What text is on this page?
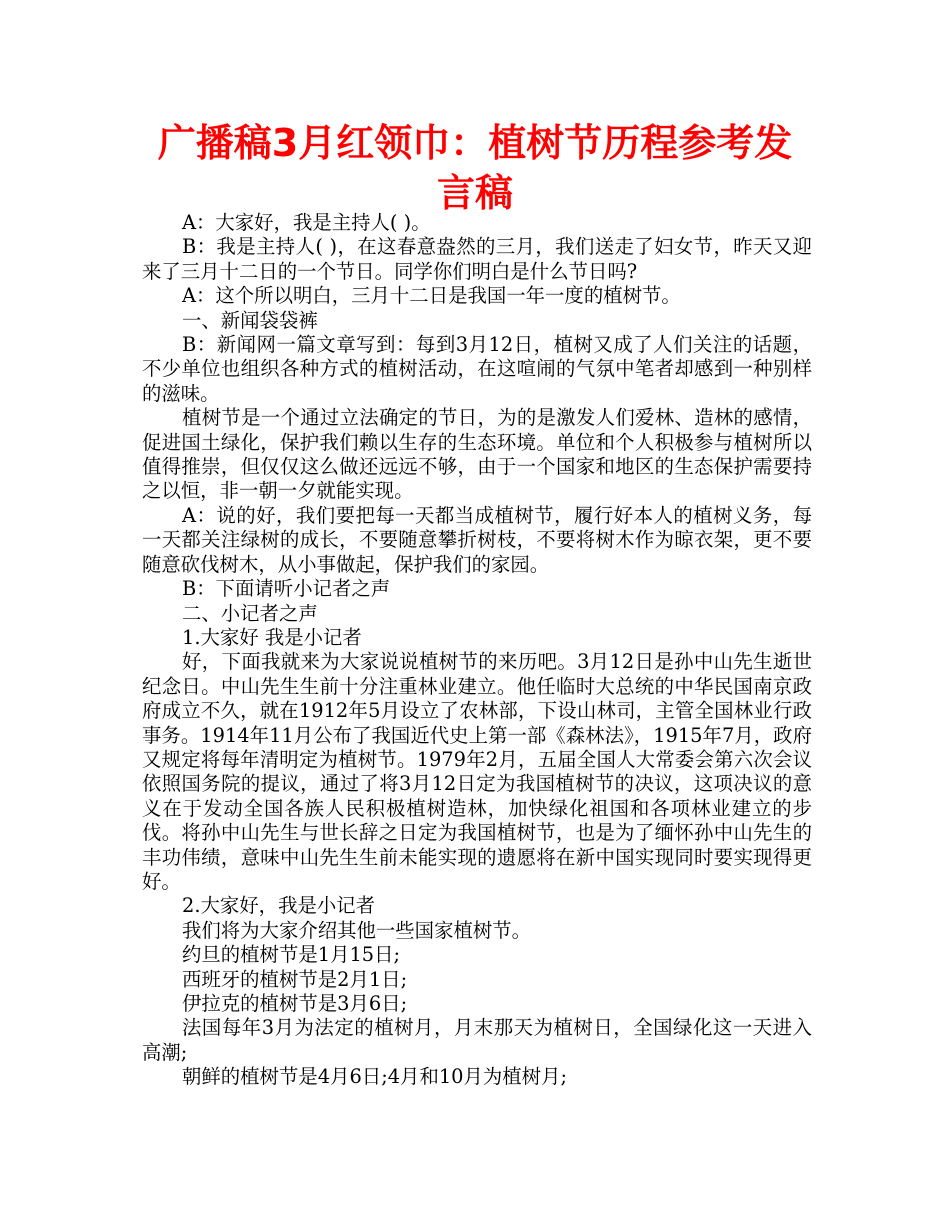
广播稿3月红领巾：植树节历程参考发言稿

A：大家好，我是主持人( )。

B：我是主持人( )，在这春意盎然的三月，我们送走了妇女节，昨天又迎来了三月十二日的一个节日。同学你们明白是什么节日吗?

A：这个所以明白，三月十二日是我国一年一度的植树节。

一、新闻袋袋裤

B：新闻网一篇文章写到：每到3月12日，植树又成了人们关注的话题，不少单位也组织各种方式的植树活动，在这喧闹的气氛中笔者却感到一种别样的滋味。

植树节是一个通过立法确定的节日，为的是激发人们爱林、造林的感情，促进国土绿化，保护我们赖以生存的生态环境。单位和个人积极参与植树所以值得推崇，但仅仅这么做还远远不够，由于一个国家和地区的生态保护需要持之以恒，非一朝一夕就能实现。

A：说的好，我们要把每一天都当成植树节，履行好本人的植树义务，每一天都关注绿树的成长，不要随意攀折树枝，不要将树木作为晾衣架，更不要随意砍伐树木，从小事做起，保护我们的家园。

B：下面请听小记者之声

二、小记者之声

1.大家好 我是小记者

好，下面我就来为大家说说植树节的来历吧。3月12日是孙中山先生逝世纪念日。中山先生生前十分注重林业建立。他任临时大总统的中华民国南京政府成立不久，就在1912年5月设立了农林部，下设山林司，主管全国林业行政事务。1914年11月公布了我国近代史上第一部《森林法》，1915年7月，政府又规定将每年清明定为植树节。1979年2月，五届全国人大常委会第六次会议依照国务院的提议，通过了将3月12日定为我国植树节的决议，这项决议的意义在于发动全国各族人民积极植树造林，加快绿化祖国和各项林业建立的步伐。将孙中山先生与世长辞之日定为我国植树节，也是为了缅怀孙中山先生的丰功伟绩，意味中山先生生前未能实现的遗愿将在新中国实现同时要实现得更好。

2.大家好，我是小记者

我们将为大家介绍其他一些国家植树节。

约旦的植树节是1月15日;

西班牙的植树节是2月1日;

伊拉克的植树节是3月6日;

法国每年3月为法定的植树月，月末那天为植树日，全国绿化这一天进入高潮;

朝鲜的植树节是4月6日;4月和10月为植树月;
